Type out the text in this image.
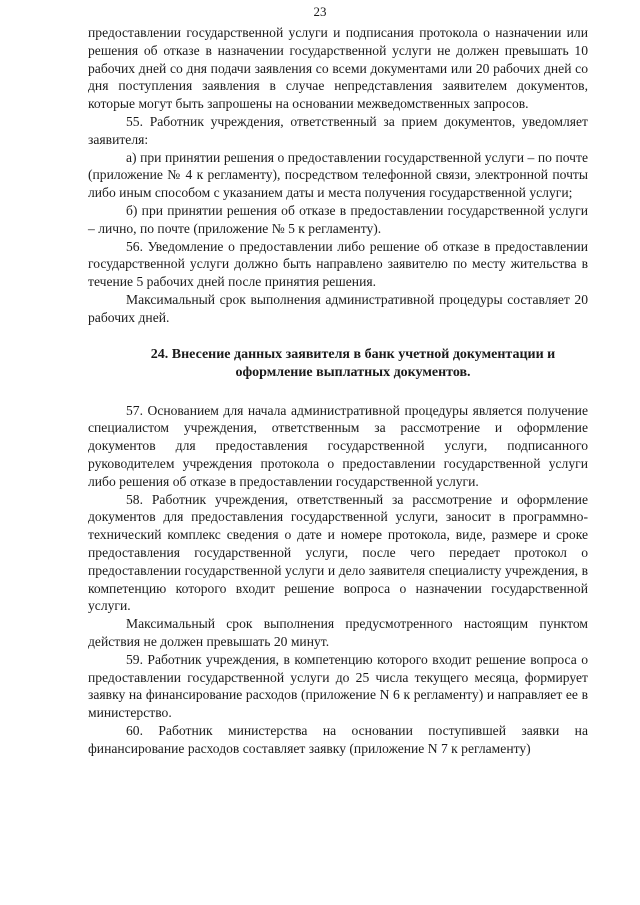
23

предоставлении государственной услуги и подписания протокола о назначении или решения об отказе в назначении государственной услуги не должен превышать 10 рабочих дней со дня подачи заявления со всеми документами или 20 рабочих дней со дня поступления заявления в случае непредставления заявителем документов, которые могут быть запрошены на основании межведомственных запросов.

55. Работник учреждения, ответственный за прием документов, уведомляет заявителя:

а) при принятии решения о предоставлении государственной услуги – по почте (приложение № 4 к регламенту), посредством телефонной связи, электронной почты либо иным способом с указанием даты и места получения государственной услуги;

б) при принятии решения об отказе в предоставлении государственной услуги – лично, по почте (приложение № 5 к регламенту).

56. Уведомление о предоставлении либо решение об отказе в предоставлении государственной услуги должно быть направлено заявителю по месту жительства в течение 5 рабочих дней после принятия решения.

Максимальный срок выполнения административной процедуры составляет 20 рабочих дней.

24. Внесение данных заявителя в банк учетной документации и оформление выплатных документов.

57. Основанием для начала административной процедуры является получение специалистом учреждения, ответственным за рассмотрение и оформление документов для предоставления государственной услуги, подписанного руководителем учреждения протокола о предоставлении государственной услуги либо решения об отказе в предоставлении государственной услуги.

58. Работник учреждения, ответственный за рассмотрение и оформление документов для предоставления государственной услуги, заносит в программно-технический комплекс сведения о дате и номере протокола, виде, размере и сроке предоставления государственной услуги, после чего передает протокол о предоставлении государственной услуги и дело заявителя специалисту учреждения, в компетенцию которого входит решение вопроса о назначении государственной услуги.

Максимальный срок выполнения предусмотренного настоящим пунктом действия не должен превышать 20 минут.

59. Работник учреждения, в компетенцию которого входит решение вопроса о предоставлении государственной услуги до 25 числа текущего месяца, формирует заявку на финансирование расходов (приложение N 6 к регламенту) и направляет ее в министерство.

60. Работник министерства на основании поступившей заявки на финансирование расходов составляет заявку (приложение N 7 к регламенту)
